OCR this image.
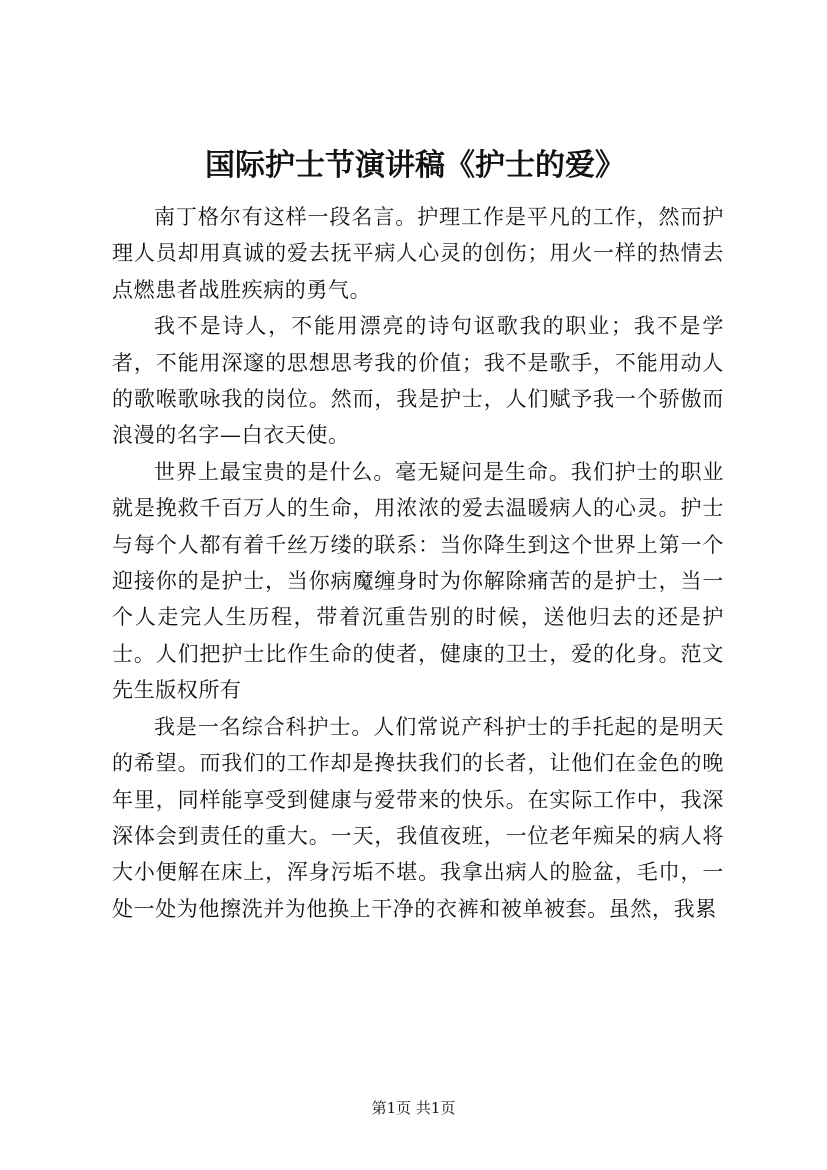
国际护士节演讲稿《护士的爱》

南丁格尔有这样一段名言。护理工作是平凡的工作，然而护理人员却用真诚的爱去抚平病人心灵的创伤；用火一样的热情去点燃患者战胜疾病的勇气。

我不是诗人，不能用漂亮的诗句讴歌我的职业；我不是学者，不能用深邃的思想思考我的价值；我不是歌手，不能用动人的歌喉歌咏我的岗位。然而，我是护士，人们赋予我一个骄傲而浪漫的名字—白衣天使。

世界上最宝贵的是什么。毫无疑问是生命。我们护士的职业就是挽救千百万人的生命，用浓浓的爱去温暖病人的心灵。护士与每个人都有着千丝万缕的联系：当你降生到这个世界上第一个迎接你的是护士，当你病魔缠身时为你解除痛苦的是护士，当一个人走完人生历程，带着沉重告别的时候，送他归去的还是护士。人们把护士比作生命的使者，健康的卫士，爱的化身。范文先生版权所有

我是一名综合科护士。人们常说产科护士的手托起的是明天的希望。而我们的工作却是搀扶我们的长者，让他们在金色的晚年里，同样能享受到健康与爱带来的快乐。在实际工作中，我深深体会到责任的重大。一天，我值夜班，一位老年痴呆的病人将大小便解在床上，浑身污垢不堪。我拿出病人的脸盆，毛巾，一处一处为他擦洗并为他换上干净的衣裤和被单被套。虽然，我累

第1页 共1页
